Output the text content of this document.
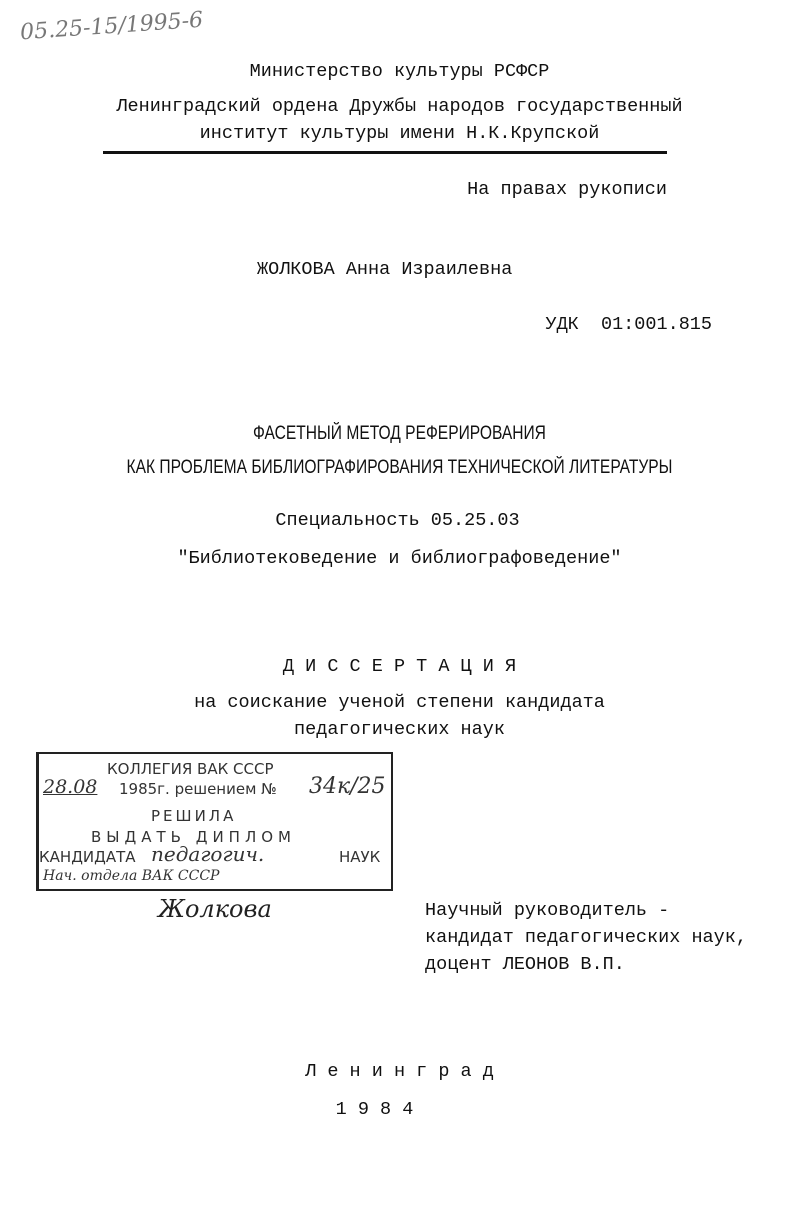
05.25-15/1995-6
Министерство культуры РСФСР
Ленинградский ордена Дружбы народов государственный
институт культуры имени Н.К.Крупской
На правах рукописи
ЖОЛКОВА Анна Израилевна
УДК  01:001.815
ФАСЕТНЫЙ МЕТОД РЕФЕРИРОВАНИЯ
КАК ПРОБЛЕМА БИБЛИОГРАФИРОВАНИЯ ТЕХНИЧЕСКОЙ ЛИТЕРАТУРЫ
Специальность 05.25.03
"Библиотековедение и библиографоведение"
Д И С С Е Р Т А Ц И Я
на соискание ученой степени кандидата
педагогических наук
КОЛЛЕГИЯ ВАК СССР
28.08 1985г. решением № 34к/25
РЕШИЛА
ВЫДАТЬ ДИПЛОМ
КАНДИДАТА педагогич.	НАУК
Нач. отдела ВАК СССР
Жолкова	Научный руководитель -
кандидат педагогических наук,
доцент ЛЕОНОВ В.П.
Л е н и н г р а д
1 9 8 4
